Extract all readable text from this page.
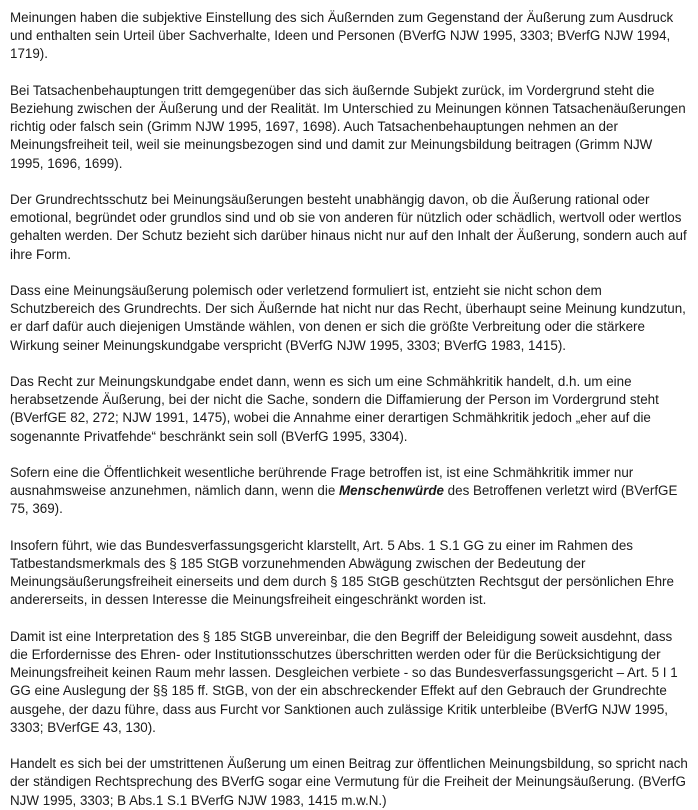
Meinungen haben die subjektive Einstellung des sich Äußernden zum Gegenstand der Äußerung zum Ausdruck und enthalten sein Urteil über Sachverhalte, Ideen und Personen (BVerfG NJW 1995, 3303; BVerfG NJW 1994, 1719).

Bei Tatsachenbehauptungen tritt demgegenüber das sich äußernde Subjekt zurück, im Vordergrund steht die Beziehung zwischen der Äußerung und der Realität. Im Unterschied zu Meinungen können Tatsachenäußerungen richtig oder falsch sein (Grimm NJW 1995, 1697, 1698). Auch Tatsachenbehauptungen nehmen an der Meinungsfreiheit teil, weil sie meinungsbezogen sind und damit zur Meinungsbildung beitragen (Grimm NJW 1995, 1696, 1699).

Der Grundrechtsschutz bei Meinungsäußerungen besteht unabhängig davon, ob die Äußerung rational oder emotional, begründet oder grundlos sind und ob sie von anderen für nützlich oder schädlich, wertvoll oder wertlos gehalten werden. Der Schutz bezieht sich darüber hinaus nicht nur auf den Inhalt der Äußerung, sondern auch auf ihre Form.

Dass eine Meinungsäußerung polemisch oder verletzend formuliert ist, entzieht sie nicht schon dem Schutzbereich des Grundrechts. Der sich Äußernde hat nicht nur das Recht, überhaupt seine Meinung kundzutun, er darf dafür auch diejenigen Umstände wählen, von denen er sich die größte Verbreitung oder die stärkere Wirkung seiner Meinungskundgabe verspricht (BVerfG NJW 1995, 3303; BVerfG 1983, 1415).

Das Recht zur Meinungskundgabe endet dann, wenn es sich um eine Schmähkritik handelt, d.h. um eine herabsetzende Äußerung, bei der nicht die Sache, sondern die Diffamierung der Person im Vordergrund steht (BVerfGE 82, 272; NJW 1991, 1475), wobei die Annahme einer derartigen Schmähkritik jedoch „eher auf die sogenannte Privatfehde“ beschränkt sein soll (BVerfG 1995, 3304).

Sofern eine die Öffentlichkeit wesentliche berührende Frage betroffen ist, ist eine Schmähkritik immer nur ausnahmsweise anzunehmen, nämlich dann, wenn die Menschenwürde des Betroffenen verletzt wird (BVerfGE 75, 369).

Insofern führt, wie das Bundesverfassungsgericht klarstellt, Art. 5 Abs. 1 S.1 GG zu einer im Rahmen des Tatbestandsmerkmals des § 185 StGB vorzunehmenden Abwägung zwischen der Bedeutung der Meinungsäußerungsfreiheit einerseits und dem durch § 185 StGB geschützten Rechtsgut der persönlichen Ehre andererseits, in dessen Interesse die Meinungsfreiheit eingeschränkt worden ist.

Damit ist eine Interpretation des § 185 StGB unvereinbar, die den Begriff der Beleidigung soweit ausdehnt, dass die Erfordernisse des Ehren- oder Institutionsschutzes überschritten werden oder für die Berücksichtigung der Meinungsfreiheit keinen Raum mehr lassen. Desgleichen verbiete - so das Bundesverfassungsgericht – Art. 5 I 1 GG eine Auslegung der §§ 185 ff. StGB, von der ein abschreckender Effekt auf den Gebrauch der Grundrechte ausgehe, der dazu führe, dass aus Furcht vor Sanktionen auch zulässige Kritik unterbleibe (BVerfG NJW 1995, 3303; BVerfGE 43, 130).

Handelt es sich bei der umstrittenen Äußerung um einen Beitrag zur öffentlichen Meinungsbildung, so spricht nach der ständigen Rechtsprechung des BVerfG sogar eine Vermutung für die Freiheit der Meinungsäußerung. (BVerfG NJW 1995, 3303; B Abs.1 S.1 BVerfG NJW 1983, 1415 m.w.N.)
